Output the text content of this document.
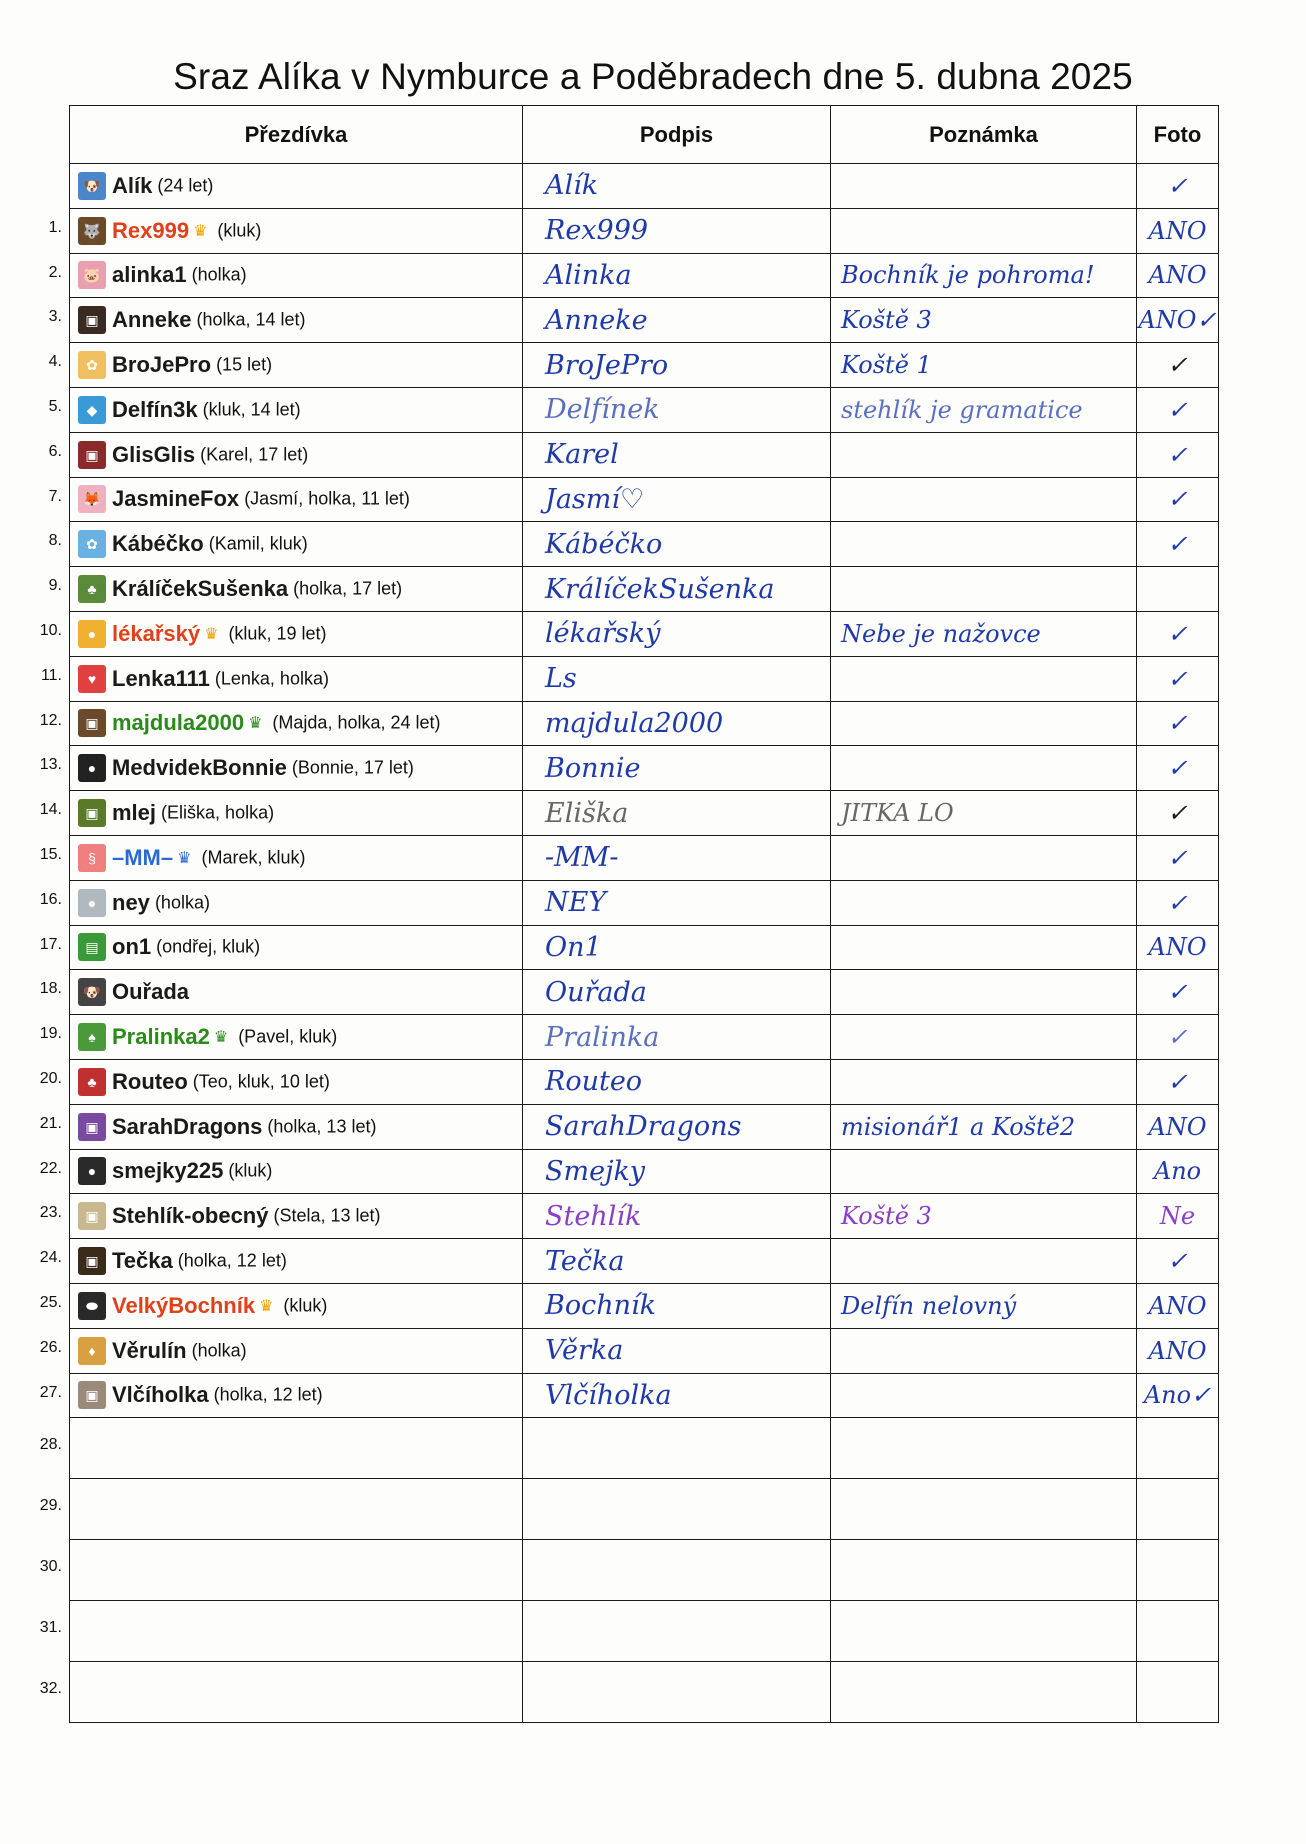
Sraz Alíka v Nymburce a Poděbradech dne 5. dubna 2025
Přezdívka	Podpis	Poznámka	Foto
🐶 Alík (24 let)	Alík		✓
🐺 Rex999 ♛ (kluk)	Rex999		ANO
🐷 alinka1 (holka)	Alinka	Bochník je pohroma!	ANO
▣ Anneke (holka, 14 let)	Anneke	Koště 3	ANO✓
✿ BroJePro (15 let)	BroJePro	Koště 1	✓
◆ Delfín3k (kluk, 14 let)	Delfínek	stehlík je gramatice	✓
▣ GlisGlis (Karel, 17 let)	Karel		✓
🦊 JasmineFox (Jasmí, holka, 11 let)	Jasmí♡		✓
✿ Kábéčko (Kamil, kluk)	Kábéčko		✓
♣ KrálíčekSušenka (holka, 17 let)	KrálíčekSušenka		
● lékařský ♛ (kluk, 19 let)	lékařský	Nebe je nažovce	✓
♥ Lenka111 (Lenka, holka)	Ls		✓
▣ majdula2000 ♛ (Majda, holka, 24 let)	majdula2000		✓
● MedvidekBonnie (Bonnie, 17 let)	Bonnie		✓
▣ mlej (Eliška, holka)	Eliška	JITKA LO	✓
§ –MM– ♛ (Marek, kluk)	-MM-		✓
● ney (holka)	NEY		✓
▤ on1 (ondřej, kluk)	On1		ANO
🐶 Ouřada	Ouřada		✓
♠ Pralinka2 ♛ (Pavel, kluk)	Pralinka		✓
♣ Routeo (Teo, kluk, 10 let)	Routeo		✓
▣ SarahDragons (holka, 13 let)	SarahDragons	misionář1 a Koště2	ANO
● smejky225 (kluk)	Smejky		Ano
▣ Stehlík-obecný (Stela, 13 let)	Stehlík	Koště 3	Ne
▣ Tečka (holka, 12 let)	Tečka		✓
⬬ VelkýBochník ♛ (kluk)	Bochník	Delfín nelovný	ANO
♦ Věrulín (holka)	Věrka		ANO
▣ Vlčíholka (holka, 12 let)	Vlčíholka		Ano✓

1.
2.
3.
4.
5.
6.
7.
8.
9.
10.
11.
12.
13.
14.
15.
16.
17.
18.
19.
20.
21.
22.
23.
24.
25.
26.
27.
28.
29.
30.
31.
32.
